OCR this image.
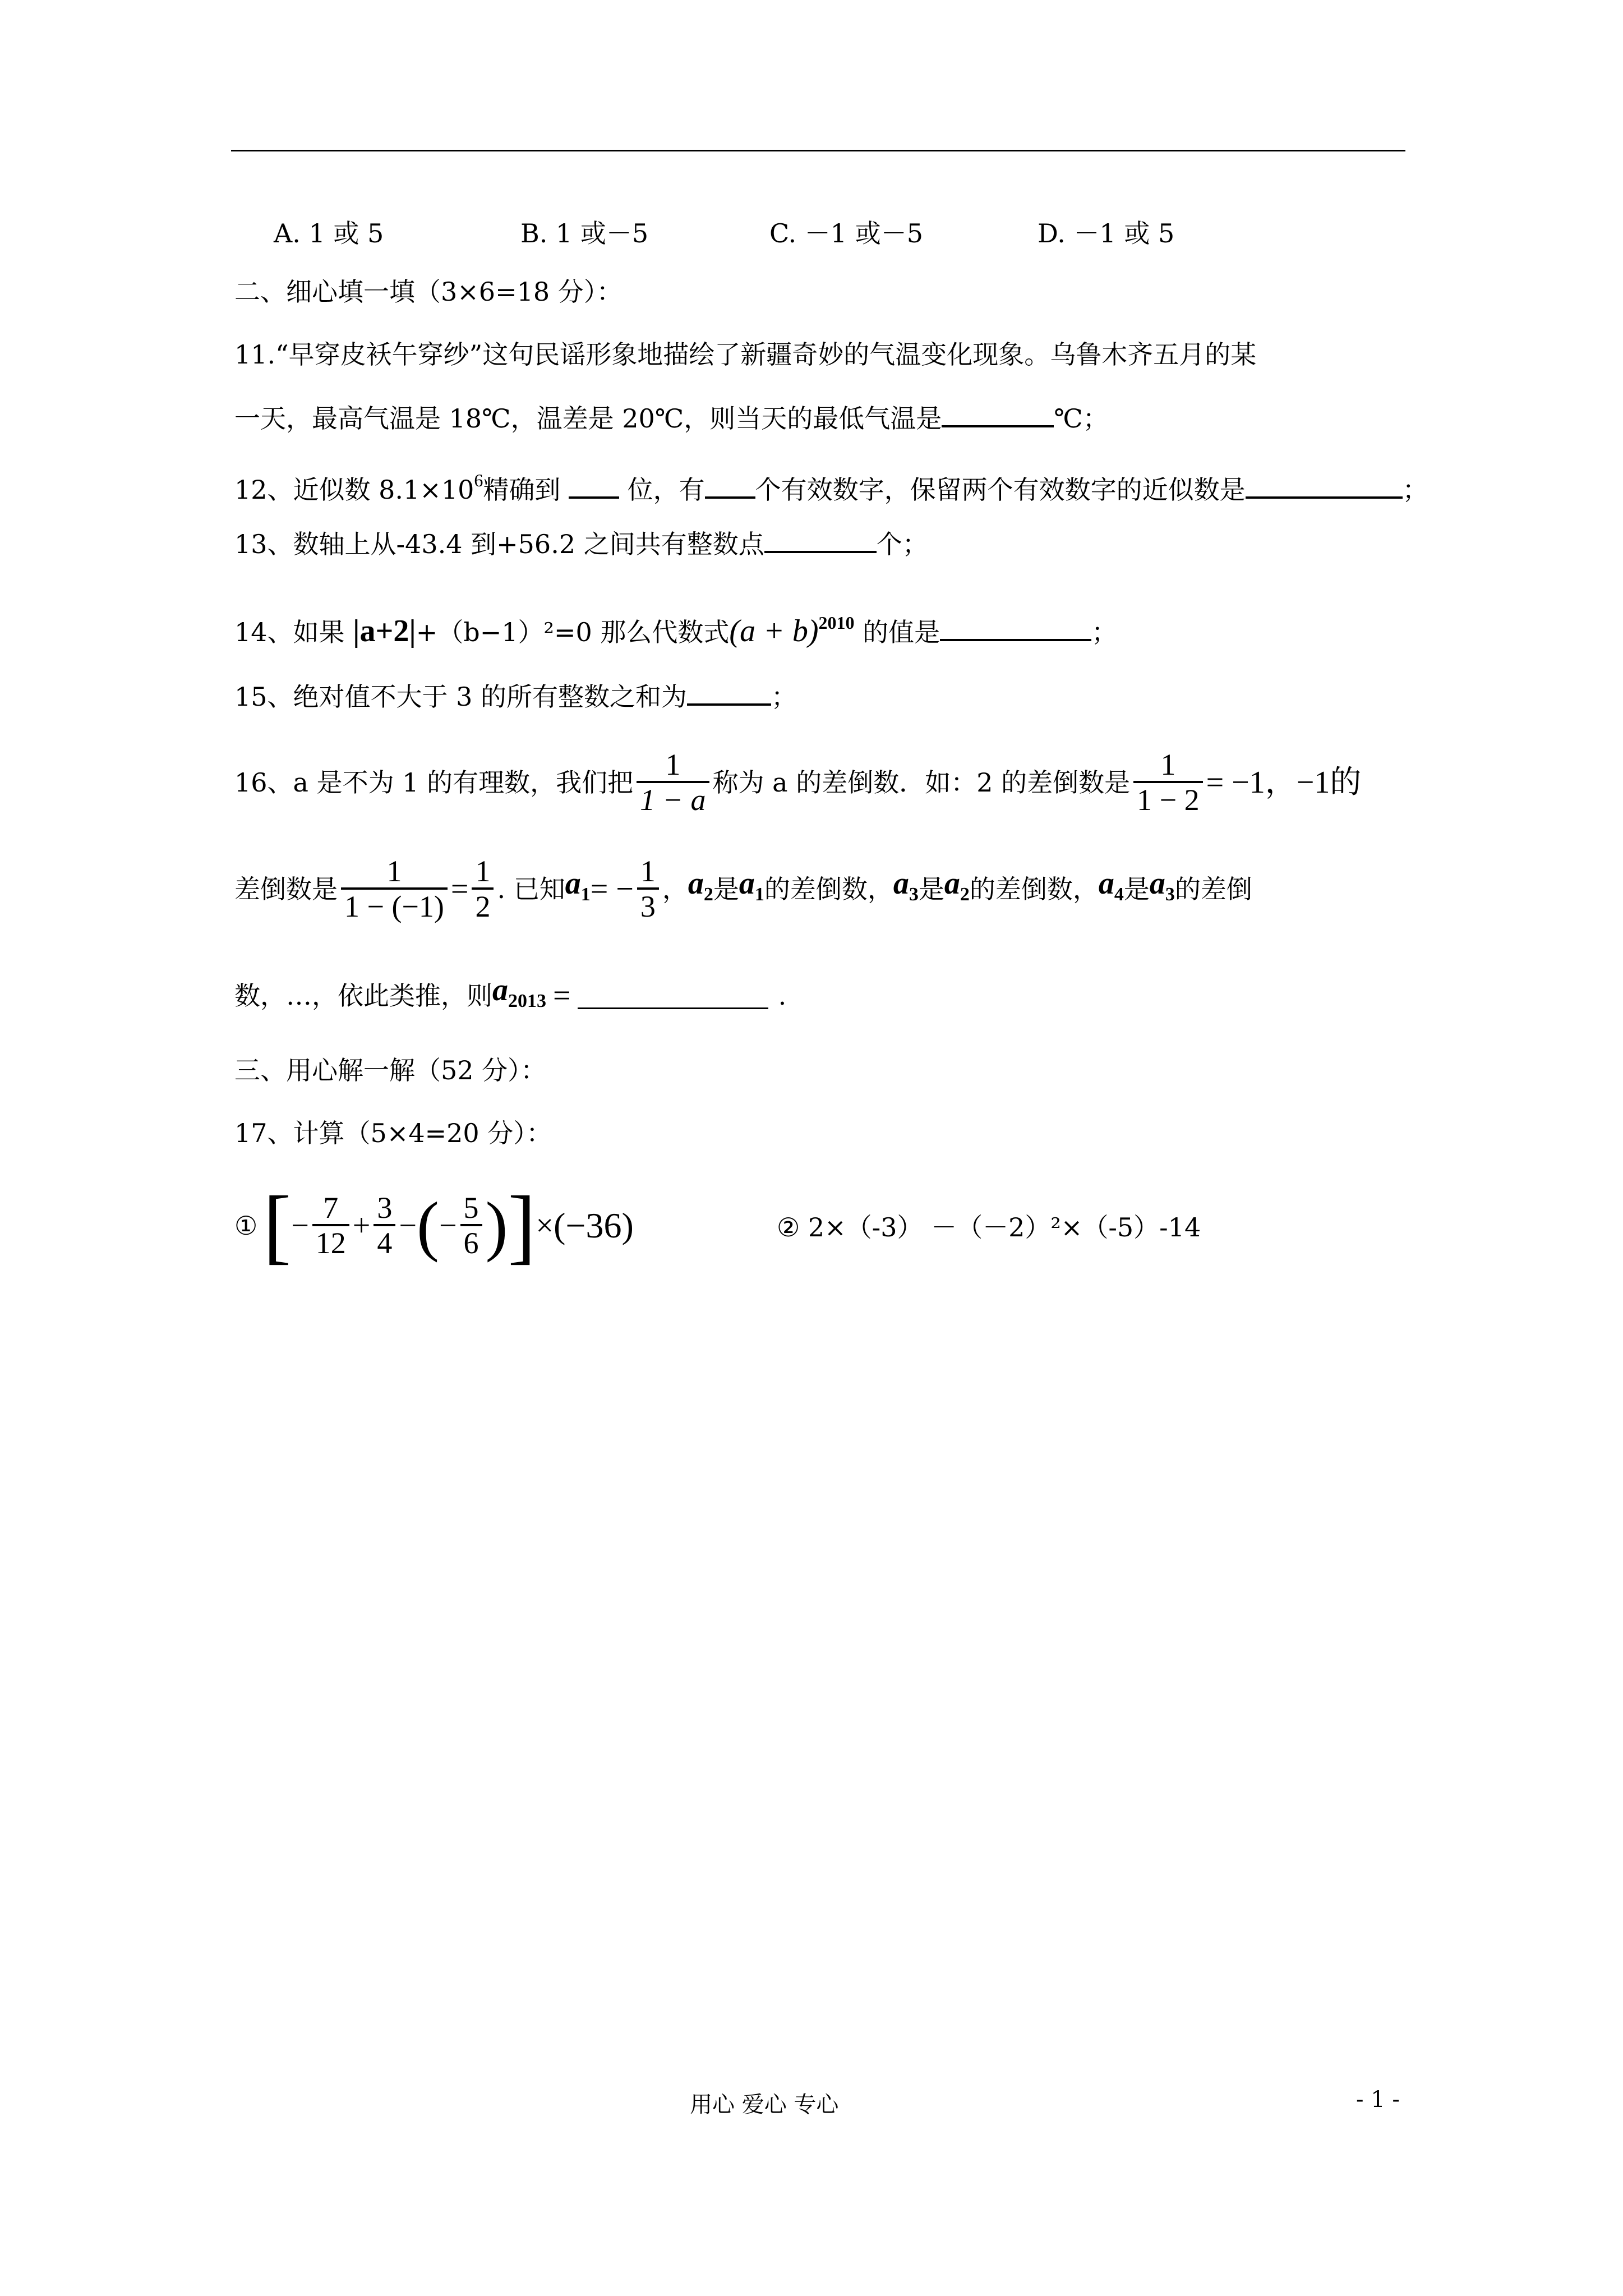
A. 1 或 5	B. 1 或－5	C. －1 或－5	D. －1 或 5
二、细心填一填（3×6=18 分）：
11.“早穿皮袄午穿纱”这句民谣形象地描绘了新疆奇妙的气温变化现象。乌鲁木齐五月的某
一天，最高气温是 18℃，温差是 20℃，则当天的最低气温是	℃；
12、近似数 $8.1\times 10^6$精确到	位，有 个有效数字，保留两个有效数字的近似数是	；
13、数轴上从-43.4 到+56.2 之间共有整数点	个；
14、如果 |a+2|+（b−1）²=0 那么代数式$(a + b)^{2010}$ 的值是	；
15、绝对值不大于 3 的所有整数之和为	；
16、a 是不为 1 的有理数，我们把 $\frac{1}{1 - a}$ 称为 a 的差倒数．如：2 的差倒数是 $\frac{1}{1 - 2} = -1$， −1的
差倒数是 $\frac{1}{1 - (-1)} = \frac{1}{2}$ . 已知 $a_1$ = − $\frac{1}{3}$ ， $a_2$ 是 $a_1$ 的差倒数， $a_3$ 是 $a_2$ 的差倒数， $a_4$ 是 $a_3$ 的差倒
数，…，依此类推，则 $a_{2013}$ =	.
三、用心解一解（52 分）：
17、计算（5×4=20 分）：
① [ − $\frac{7}{12} + \frac{3}{4}$ − ( − $\frac{5}{6}$ ) ] × (−36)	② 2×（-3） －（－2）²×（-5）-14
用心 爱心 专心	- 1 -
